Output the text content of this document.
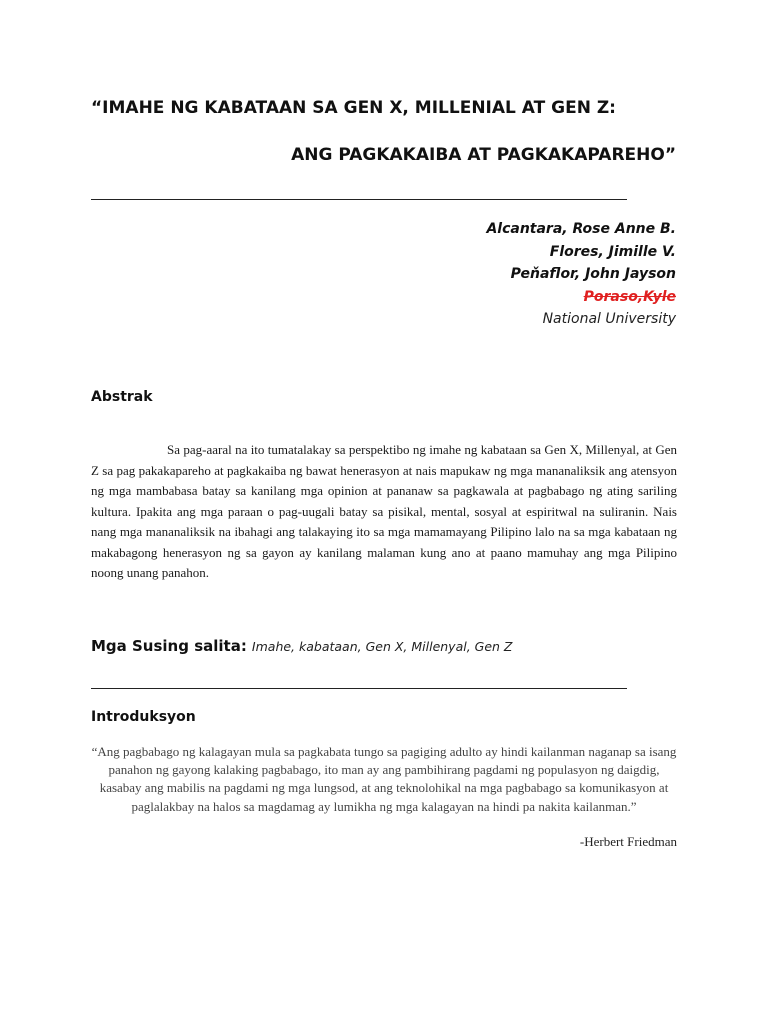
“IMAHE NG KABATAAN SA GEN X, MILLENIAL AT GEN Z:
ANG PAGKAKAIBA AT PAGKAKAPAREHO”
Alcantara, Rose Anne B.
Flores, Jimille V.
Peňaflor, John Jayson
Poraso,Kyle
National University
Abstrak
Sa pag-aaral na ito tumatalakay sa perspektibo ng imahe ng kabataan sa Gen X, Millenyal, at Gen Z sa pag pakakapareho at pagkakaiba ng bawat henerasyon at nais mapukaw ng mga mananaliksik ang atensyon ng mga mambabasa batay sa kanilang mga opinion at pananaw sa pagkawala at pagbabago ng ating sariling kultura. Ipakita ang mga paraan o pag-uugali batay sa pisikal, mental, sosyal at espiritwal na suliranin. Nais nang mga mananaliksik na ibahagi ang talakaying ito sa mga mamamayang Pilipino lalo na sa mga kabataan ng makabagong henerasyon ng sa gayon ay kanilang malaman kung ano at paano mamuhay ang mga Pilipino noong unang panahon.
Mga Susing salita: Imahe, kabataan, Gen X, Millenyal, Gen Z
Introduksyon
“Ang pagbabago ng kalagayan mula sa pagkabata tungo sa pagiging adulto ay hindi kailanman naganap sa isang panahon ng gayong kalaking pagbabago, ito man ay ang pambihirang pagdami ng populasyon ng daigdig, kasabay ang mabilis na pagdami ng mga lungsod, at ang teknolohikal na mga pagbabago sa komunikasyon at paglalakbay na halos sa magdamag ay lumikha ng mga kalagayan na hindi pa nakita kailanman.”
-Herbert Friedman
